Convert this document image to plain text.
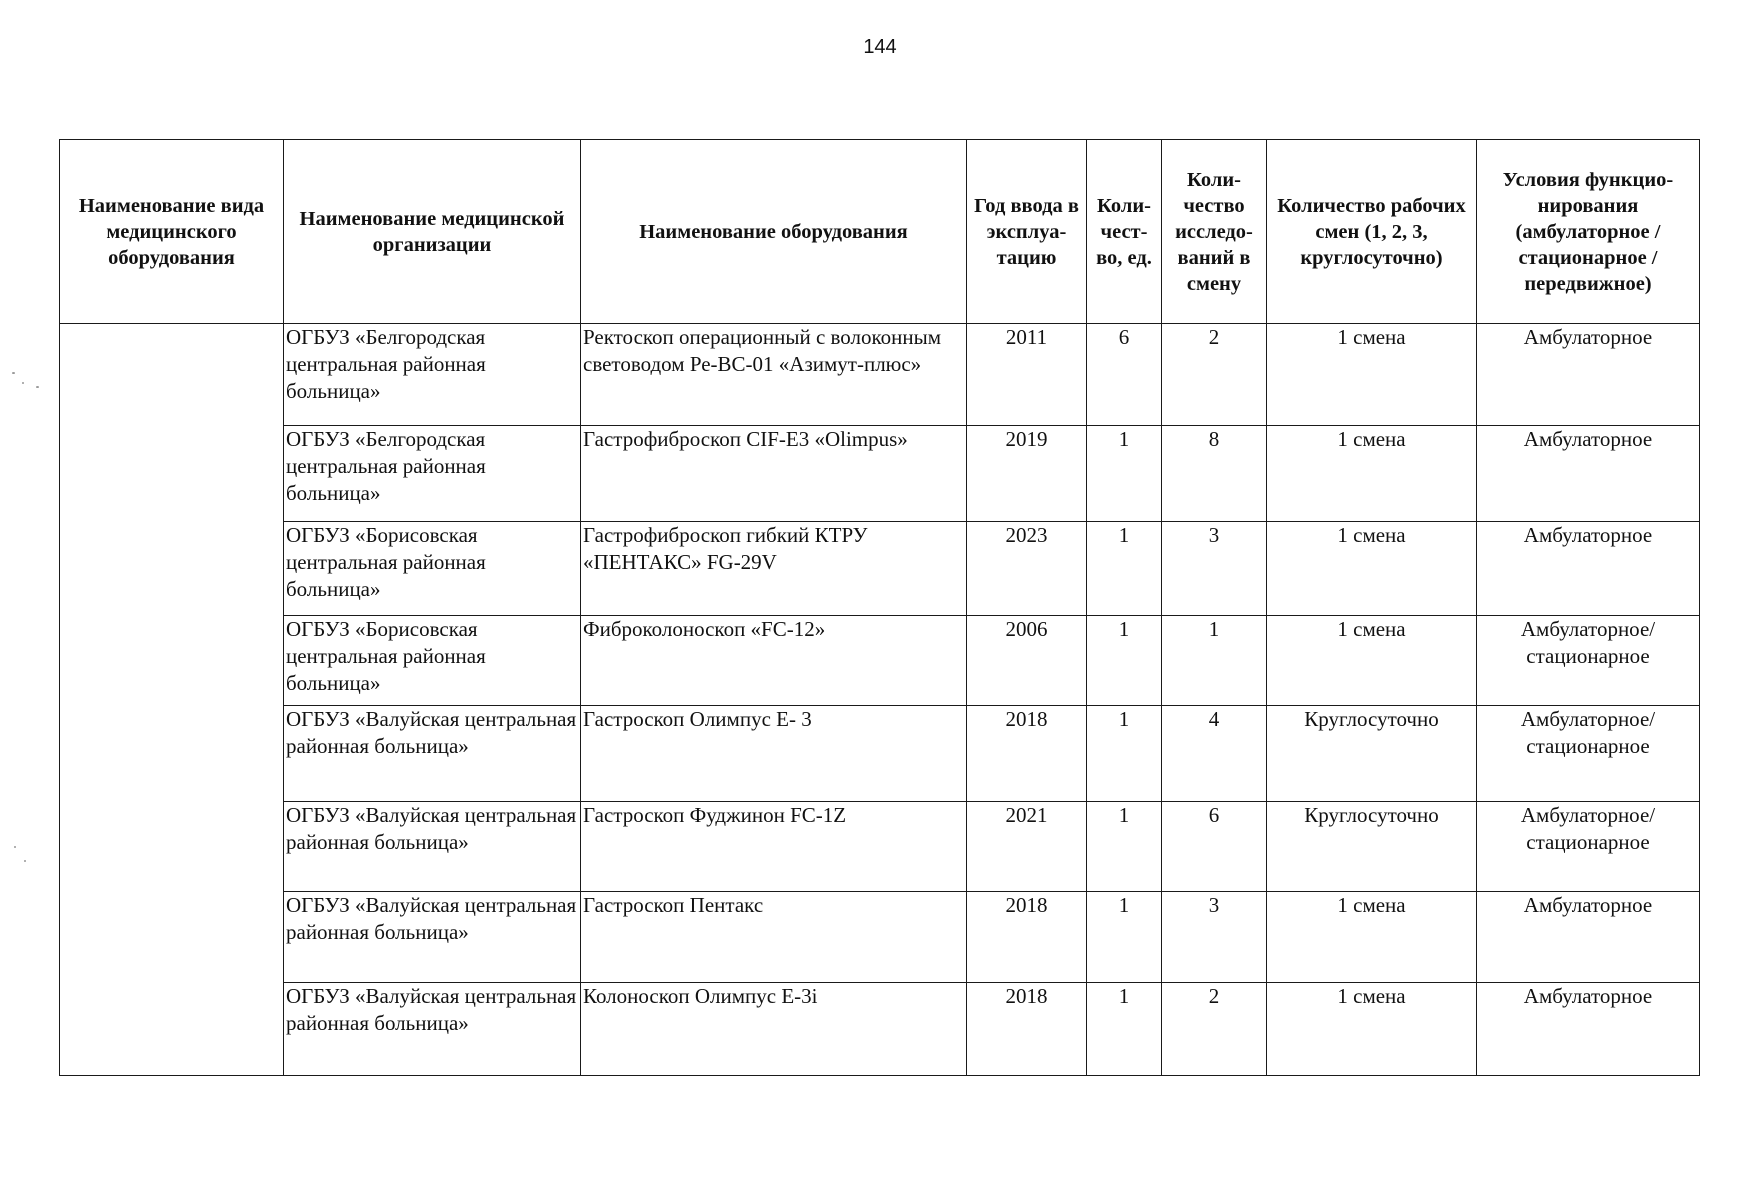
144
Наименование вида медицинского оборудования	Наименование медицинской организации	Наименование оборудования	Год ввода в эксплуа-тацию	Коли-чест-во, ед.	Коли-чество исследо-ваний в смену	Количество рабочих смен (1, 2, 3, круглосуточно)	Условия функцио-нирования (амбулаторное / стационарное / передвижное)
	ОГБУЗ «Белгородская центральная районная больница»	Ректоскоп операционный с волоконным световодом Ре-ВС-01 «Азимут-плюс»	2011	6	2	1 смена	Амбулаторное
	ОГБУЗ «Белгородская центральная районная больница»	Гастрофиброскоп CIF-E3 «Olimpus»	2019	1	8	1 смена	Амбулаторное
	ОГБУЗ «Борисовская центральная районная больница»	Гастрофиброскоп гибкий КТРУ «ПЕНТАКС» FG-29V	2023	1	3	1 смена	Амбулаторное
	ОГБУЗ «Борисовская центральная районная больница»	Фиброколоноскоп «FC-12»	2006	1	1	1 смена	Амбулаторное/ стационарное
	ОГБУЗ «Валуйская центральная районная больница»	Гастроскоп Олимпус Е- 3	2018	1	4	Круглосуточно	Амбулаторное/ стационарное
	ОГБУЗ «Валуйская центральная районная больница»	Гастроскоп Фуджинон FC-1Z	2021	1	6	Круглосуточно	Амбулаторное/ стационарное
	ОГБУЗ «Валуйская центральная районная больница»	Гастроскоп Пентакс	2018	1	3	1 смена	Амбулаторное
	ОГБУЗ «Валуйская центральная районная больница»	Колоноскоп Олимпус Е-3i	2018	1	2	1 смена	Амбулаторное
